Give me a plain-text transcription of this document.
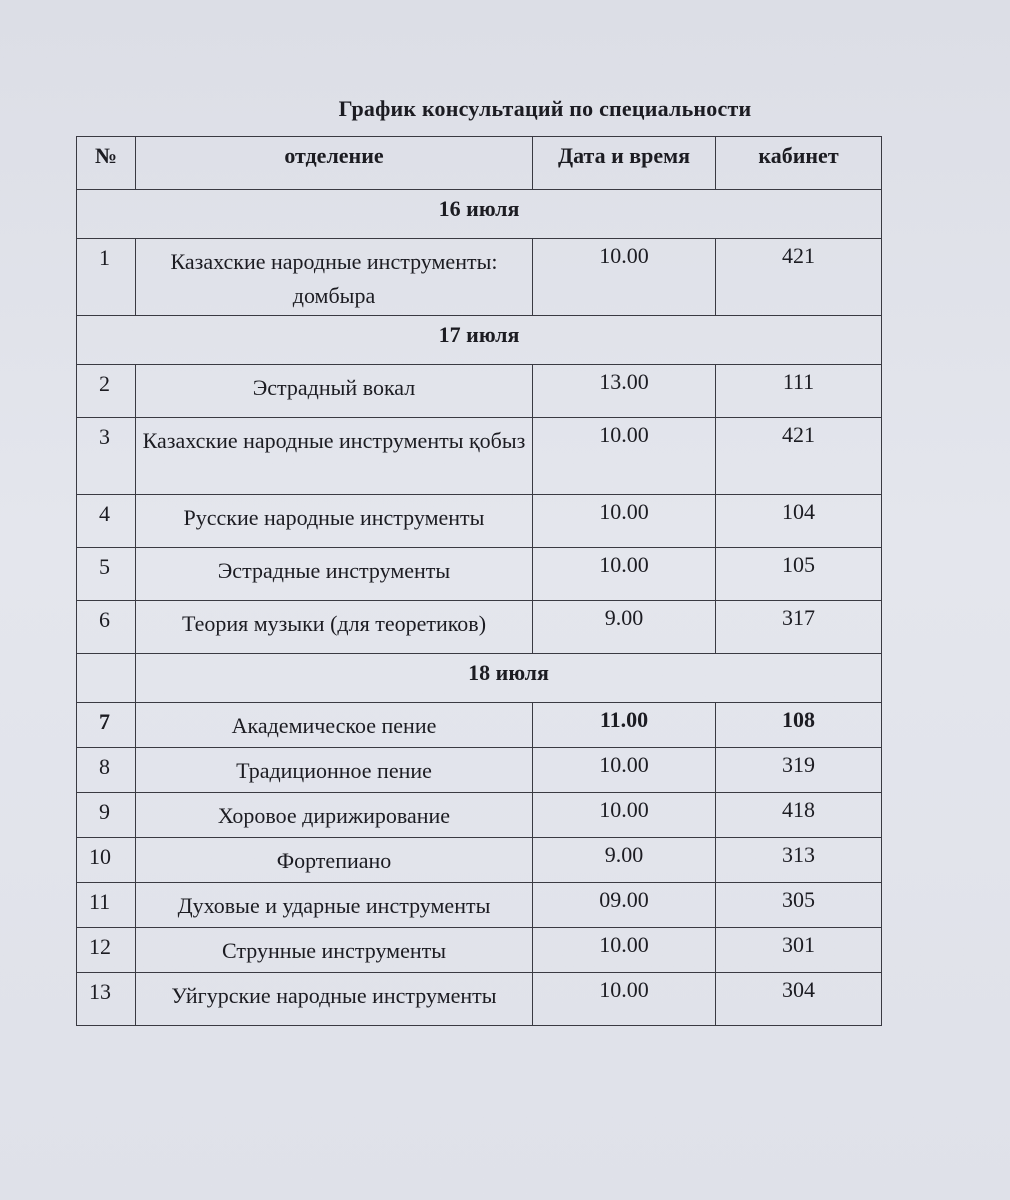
График консультаций по специальности
№	отделение	Дата и время	кабинет
16 июля			
1	Казахские народные инструменты: домбыра	10.00	421
17 июля			
2	Эстрадный вокал	13.00	111
3	Казахские народные инструменты қобыз	10.00	421
4	Русские народные инструменты	10.00	104
5	Эстрадные инструменты	10.00	105
6	Теория музыки (для теоретиков)	9.00	317
	18 июля		
7	Академическое пение	11.00	108
8	Традиционное пение	10.00	319
9	Хоровое дирижирование	10.00	418
10	Фортепиано	9.00	313
11	Духовые и ударные инструменты	09.00	305
12	Струнные инструменты	10.00	301
13	Уйгурские народные инструменты	10.00	304
